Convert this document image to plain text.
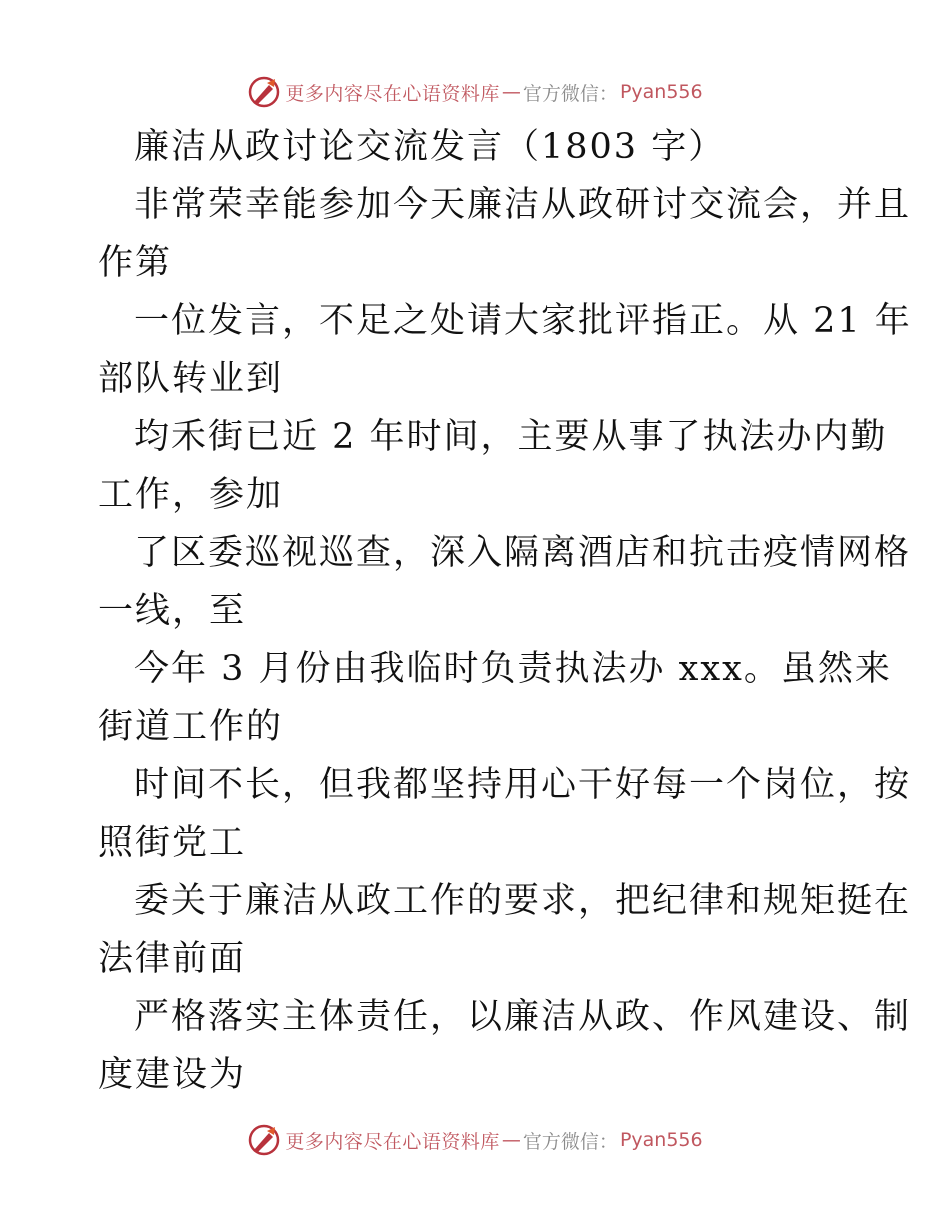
更多内容尽在心语资料库 — 官方微信： Pyan556
廉洁从政讨论交流发言（1803 字）
非常荣幸能参加今天廉洁从政研讨交流会，并且
作第
一位发言，不足之处请大家批评指正。从 21 年
部队转业到
均禾街已近 2 年时间，主要从事了执法办内勤
工作，参加
了区委巡视巡查，深入隔离酒店和抗击疫情网格
一线，至
今年 3 月份由我临时负责执法办 xxx。虽然来
街道工作的
时间不长，但我都坚持用心干好每一个岗位，按
照街党工
委关于廉洁从政工作的要求，把纪律和规矩挺在
法律前面
严格落实主体责任，以廉洁从政、作风建设、制
度建设为
更多内容尽在心语资料库 — 官方微信： Pyan556
